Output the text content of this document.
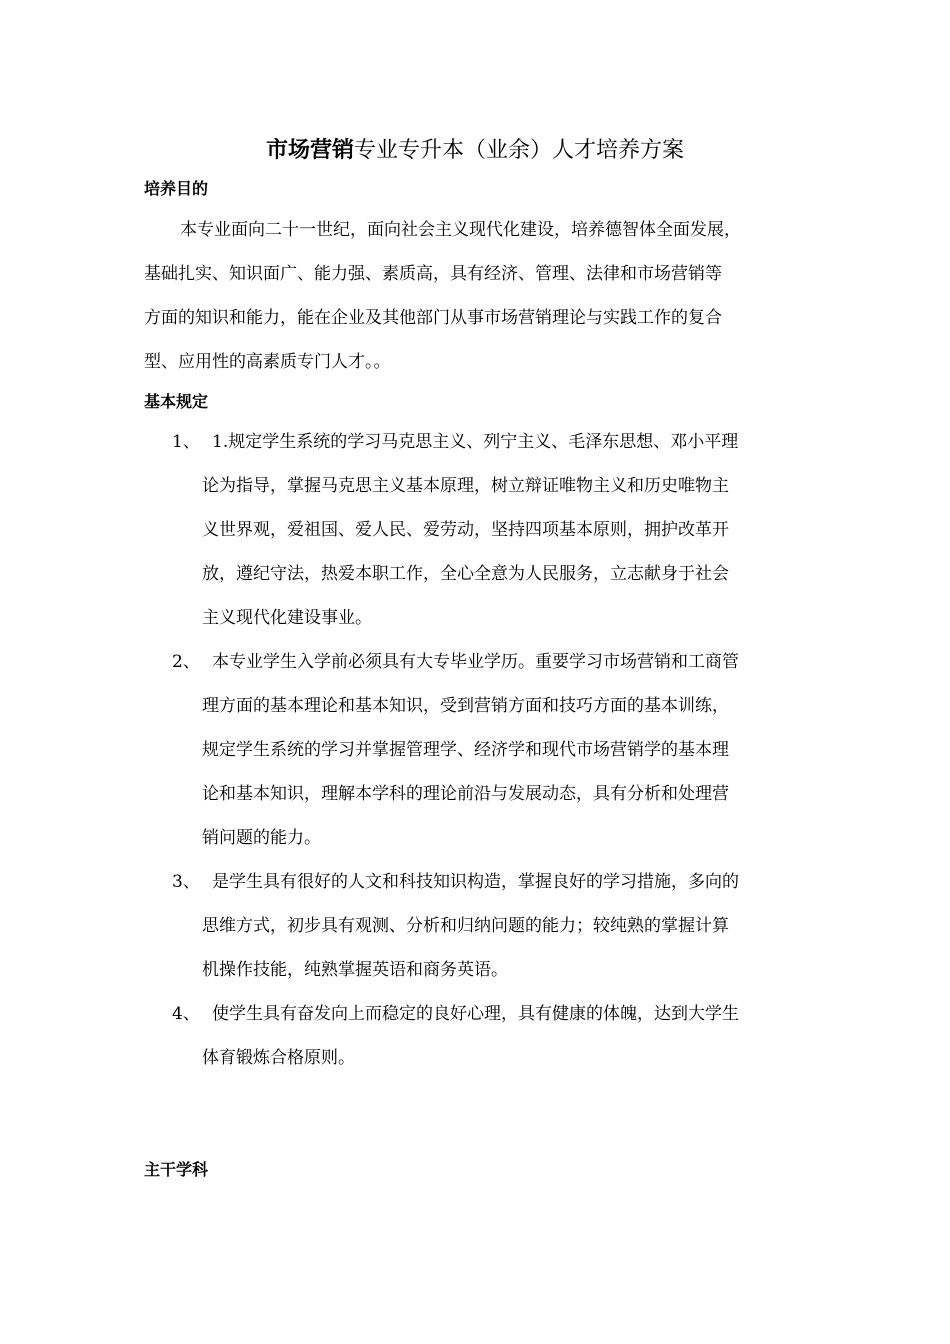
市场营销专业专升本（业余）人才培养方案
培养目的
本专业面向二十一世纪，面向社会主义现代化建设，培养德智体全面发展，
基础扎实、知识面广、能力强、素质高，具有经济、管理、法律和市场营销等
方面的知识和能力，能在企业及其他部门从事市场营销理论与实践工作的复合
型、应用性的高素质专门人才。。
基本规定
1、 1.规定学生系统的学习马克思主义、列宁主义、毛泽东思想、邓小平理
论为指导，掌握马克思主义基本原理，树立辩证唯物主义和历史唯物主
义世界观，爱祖国、爱人民、爱劳动，坚持四项基本原则，拥护改革开
放，遵纪守法，热爱本职工作，全心全意为人民服务，立志献身于社会
主义现代化建设事业。
2、 本专业学生入学前必须具有大专毕业学历。重要学习市场营销和工商管
理方面的基本理论和基本知识，受到营销方面和技巧方面的基本训练，
规定学生系统的学习并掌握管理学、经济学和现代市场营销学的基本理
论和基本知识，理解本学科的理论前沿与发展动态，具有分析和处理营
销问题的能力。
3、 是学生具有很好的人文和科技知识构造，掌握良好的学习措施，多向的
思维方式，初步具有观测、分析和归纳问题的能力；较纯熟的掌握计算
机操作技能，纯熟掌握英语和商务英语。
4、 使学生具有奋发向上而稳定的良好心理，具有健康的体魄，达到大学生
体育锻炼合格原则。
主干学科
